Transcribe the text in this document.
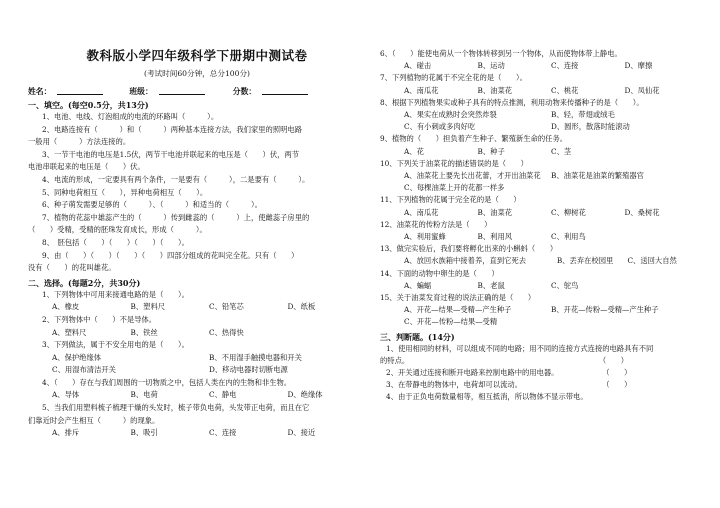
教科版小学四年级科学下册期中测试卷
(考试时间60分钟，总分100分)
姓名：	班级：	分数：
一、填空。(每空0.5分，共13分)
1、电池、电线、灯泡组成的电流的环路叫（　　　）。
2、电路连接有（　　　）和（　　　）两种基本连接方法，我们家里的照明电路
一般用（　　　）方法连接的。
3、一节干电池的电压是1.5伏，两节干电池并联起来的电压是（　　）伏，两节
电池串联起来的电压是（　　）伏。
4、电流的形成，一定要具有两个条件，一是要有（　　　），二是要有（　　　）。
5、同种电荷相互（　　），异种电荷相互（　　）。
6、种子萌发需要足够的（　　　）、（　　　）和适当的（　　　）。
7、植物的花蕊中雄蕊产生的（　　　）传到雌蕊的（　　　）上，使雌蕊子房里的
（　　）受精，受精的胚珠发育成长，形成（　　　）。
8、　胚包括（　　）（　　）（　　）（　　）。
9、由（　　）（　　）（　　）（　　）四部分组成的花叫完全花。只有（　　）
没有（　　）的花叫雄花。
二、选择。(每题2分，共30分)
1、下列物体中可用来接通电路的是（　　）。
A、橡皮	B、塑料尺	C、铅笔芯	D、纸板
2、下列物体中（　　）不是导体。
A、塑料尺	B、铁丝	C、热得快
3、下列做法，属于不安全用电的是（　　）。
A、保护绝缘体	B、不用湿手触摸电器和开关
C、用湿布清洁开关	D、移动电器时切断电源
4、（　　）存在与我们周围的一切物质之中，包括人类在内的生物和非生物。
A、导体	B、电荷	C、静电	D、绝缘体
5、当我们用塑料梳子梳理干燥的头发时，梳子带负电荷，头发带正电荷，而且在它
们靠近时会产生相互（　　　）的现象。
A、排斥	B、吸引	C、连接	D、接近
6、（　　）能使电荷从一个物体转移到另一个物体，从而使物体带上静电。
A、碰击	B、运动	C、连接	D、摩擦
7、下列植物的花属于不完全花的是（　　）。
A、南瓜花	B、油菜花	C、桃花	D、凤仙花
8、根据下列植物果实或种子具有的特点推测，利用动物来传播种子的是（　　）。
A、果实在成熟时会突然炸裂	B、轻，带翅或绒毛
C、有小刺或多肉好吃	D、圆形，散落时能滚动
9、植物的（　　）担负着产生种子、繁殖新生命的任务。
A、花	B、种子	C、茎
10、下列关于油菜花的描述错误的是（　　）
A、油菜花上要先长出花蕾，才开出油菜花	B、油菜花是油菜的繁殖器官
C、每棵油菜上开的花都一样多
11、下列植物的花属于完全花的是（　　）
A、南瓜花	B、油菜花	C、柳树花	D、桑树花
12、油菜花的传粉方法是（　　）
A、利用蜜蜂	B、利用风	C、利用鸟
13、做完实验后，我们要将孵化出来的小蝌蚪（　　）
A、放回水族箱中接着养，直到它死去	B、丢弃在校园里	C、送回大自然
14、下面的动物中卵生的是（　　）
A、蝙蝠	B、老鼠	C、鸵鸟
15、关于油菜发育过程的说法正确的是（　　）
A、开花—结果—受精—产生种子	B、开花—传粉—受精—产生种子
C、开花—传粉—结果—受精
三、判断题。(14分)
1、使用相同的材料，可以组成不同的电路；用不同的连接方式连接的电路具有不同
的特点。　　　　　　　　　　　　　　　　　　　　　　　　　　　（　　）
2、开关通过连接和断开电路来控制电路中的用电器。　　　　　　　（　　）
3、在带静电的物体中，电荷却可以流动。　　　　　　　　　　　　（　　）
4、由于正负电荷数量相等，相互抵消，所以物体不显示带电。
